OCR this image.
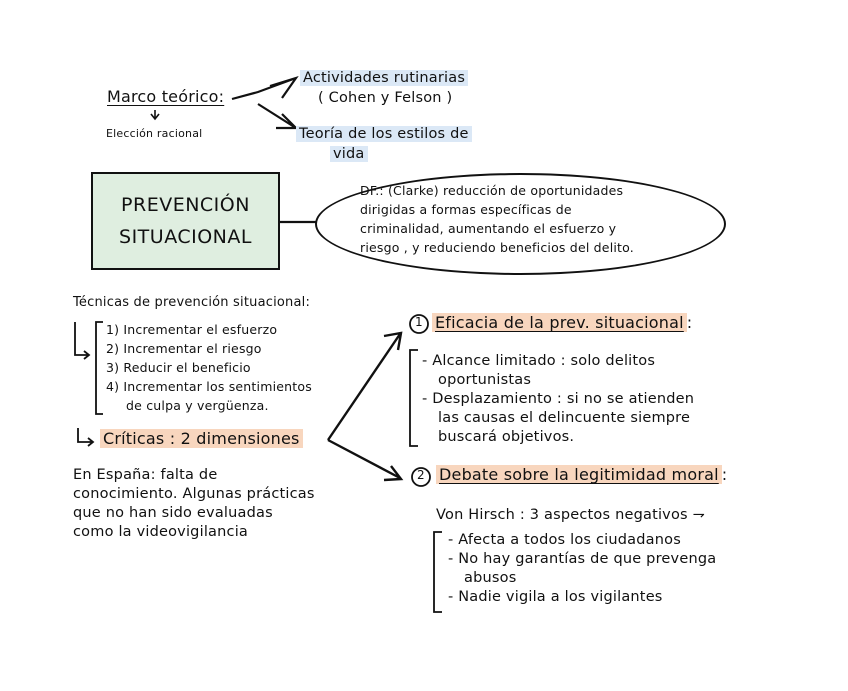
Marco teórico:
Elección racional
Actividades rutinarias
( Cohen y Felson )
Teoría de los estilos de
vida
PREVENCIÓN
SITUACIONAL
DF.: (Clarke) reducción de oportunidades
dirigidas a formas específicas de
criminalidad, aumentando el esfuerzo y
riesgo , y reduciendo beneficios del delito.
Técnicas de prevención situacional:
1) Incrementar el esfuerzo
2) Incrementar el riesgo
3) Reducir el beneficio
4) Incrementar los sentimientos
de culpa y vergüenza.
Críticas : 2 dimensiones
En España: falta de
conocimiento. Algunas prácticas
que no han sido evaluadas
como la videovigilancia
1 Eficacia de la prev. situacional :
- Alcance limitado : solo delitos
oportunistas
- Desplazamiento : si no se atienden
las causas el delincuente siempre
buscará objetivos.
2 Debate sobre la legitimidad moral :
Von Hirsch : 3 aspectos negativos ⇁
- Afecta a todos los ciudadanos
- No hay garantías de que prevenga
abusos
- Nadie vigila a los vigilantes
